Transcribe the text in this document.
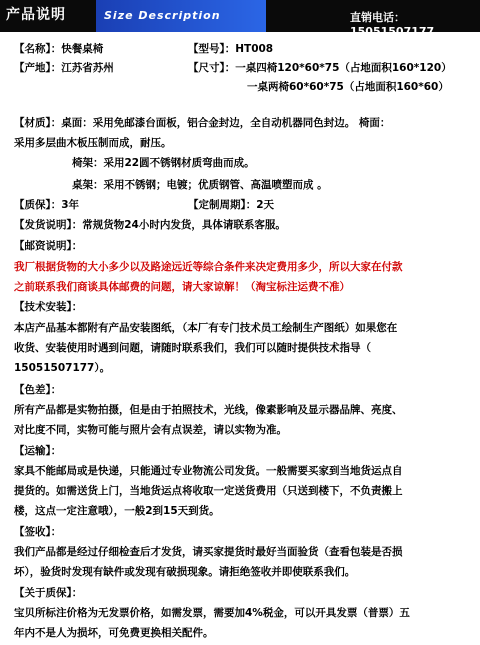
产品说明	Size Description	直销电话：15051507177
【名称】：快餐桌椅	【型号】：HT008
【产地】：江苏省苏州	【尺寸】：一桌四椅120*60*75（占地面积160*120）
一桌两椅60*60*75（占地面积160*60）
【材质】：桌面：采用免邮漆台面板，铝合金封边，全自动机器同色封边。 椅面：
采用多层曲木板压制而成，耐压。
椅架：采用22圆不锈钢材质弯曲而成。
桌架：采用不锈钢；电镀；优质钢管、高温喷塑而成 。
【质保】：3年	【定制周期】：2天
【发货说明】：常规货物24小时内发货，具体请联系客服。
【邮资说明】：
我厂根据货物的大小多少以及路途远近等综合条件来决定费用多少，所以大家在付款
之前联系我们商谈具体邮费的问题，请大家谅解！（淘宝标注运费不准）
【技术安装】：
本店产品基本都附有产品安装图纸，（本厂有专门技术员工绘制生产图纸）如果您在
收货、安装使用时遇到问题，请随时联系我们，我们可以随时提供技术指导（
15051507177）。
【色差】：
所有产品都是实物拍摄，但是由于拍照技术，光线，像素影响及显示器品牌、亮度、
对比度不同，实物可能与照片会有点误差，请以实物为准。
【运输】：
家具不能邮局或是快递，只能通过专业物流公司发货。一般需要买家到当地货运点自
提货的。如需送货上门，当地货运点将收取一定送货费用（只送到楼下，不负责搬上
楼，这点一定注意哦），一般2到15天到货。
【签收】：
我们产品都是经过仔细检查后才发货，请买家提货时最好当面验货（查看包装是否损
坏），验货时发现有缺件或发现有破损现象。请拒绝签收并即使联系我们。
【关于质保】：
宝贝所标注价格为无发票价格，如需发票，需要加4%税金，可以开具发票（普票）五
年内不是人为损坏，可免费更换相关配件。
